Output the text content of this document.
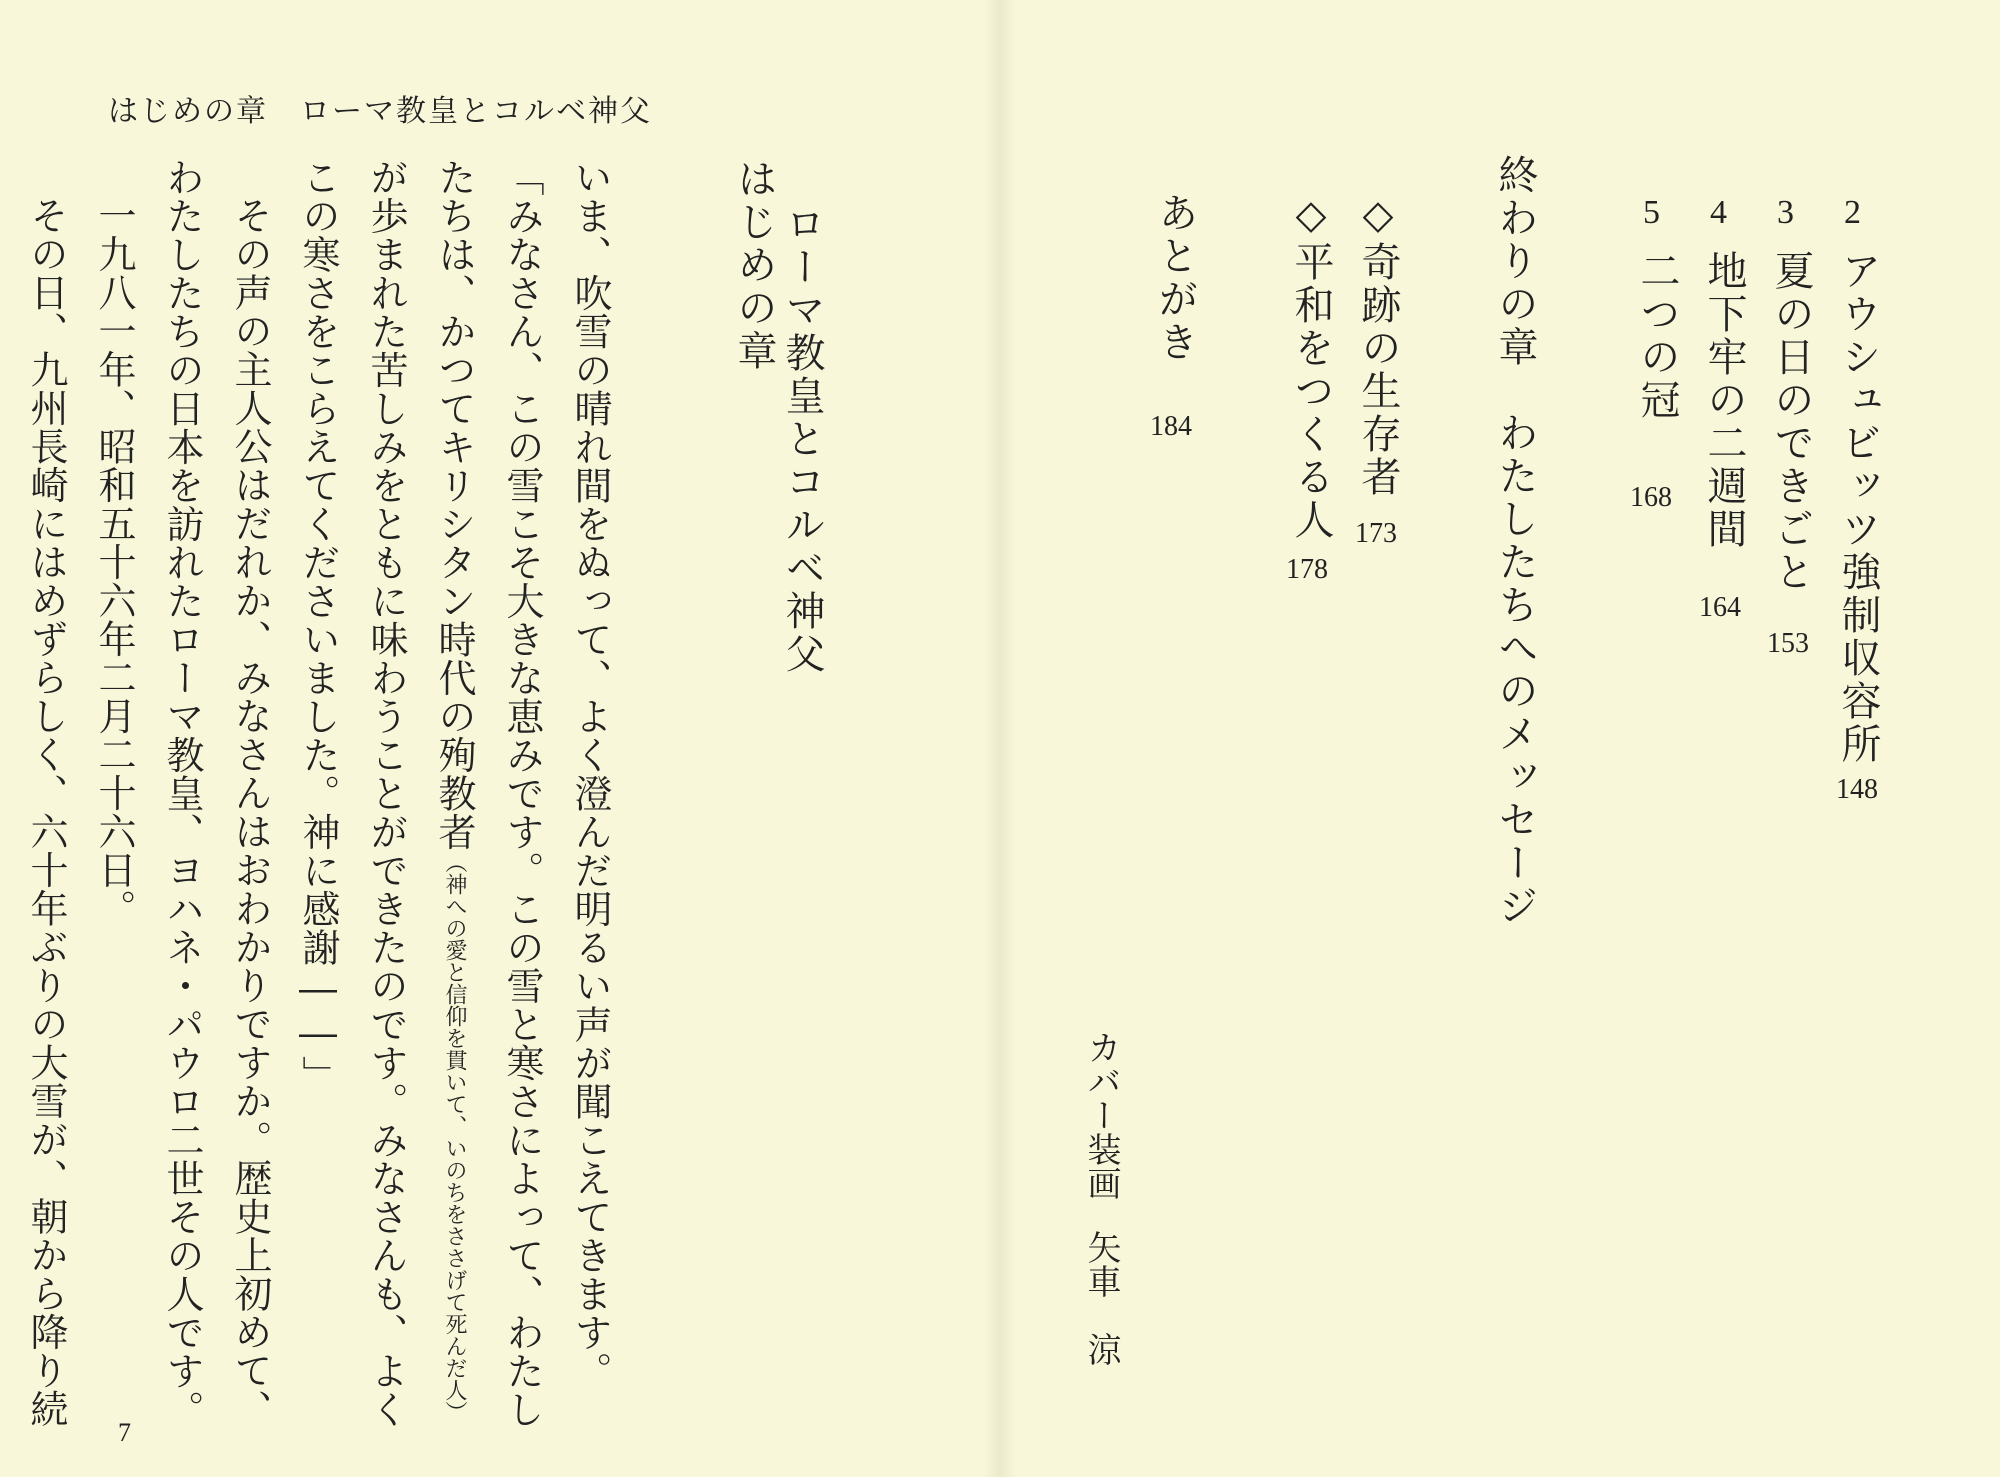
はじめの章　ローマ教皇とコルベ神父

いま、吹雪の晴れ間をぬって、よく澄んだ明るい声が聞こえてきます。

「みなさん、この雪こそ大きな恵みです。この雪と寒さによって、わたしたちは、かつてキリシタン時代の殉教者（神への愛と信仰を貫いて、いのちをささげて死んだ人）が歩まれた苦しみをともに味わうことができたのです。みなさんも、よくこの寒さをこらえてくださいました。神に感謝――」

その声の主人公はだれか、みなさんはおわかりですか。歴史上初めて、わたしたちの日本を訪れたローマ教皇、ヨハネ・パウロ二世その人です。

一九八一年、昭和五十六年二月二十六日。

その日、九州長崎にはめずらしく、六十年ぶりの大雪が、朝から降り続

はじめの章 ローマ教皇とコルベ神父
7
2
アウシュビッツ強制収容所
148
3
夏の日のできごと
153
4
地下牢の二週間
164
5
二つの冠
168
終わりの章　わたしたちへのメッセージ
◇奇跡の生存者
173
◇平和をつくる人
178
あとがき
184
カバー装画
矢車　涼
